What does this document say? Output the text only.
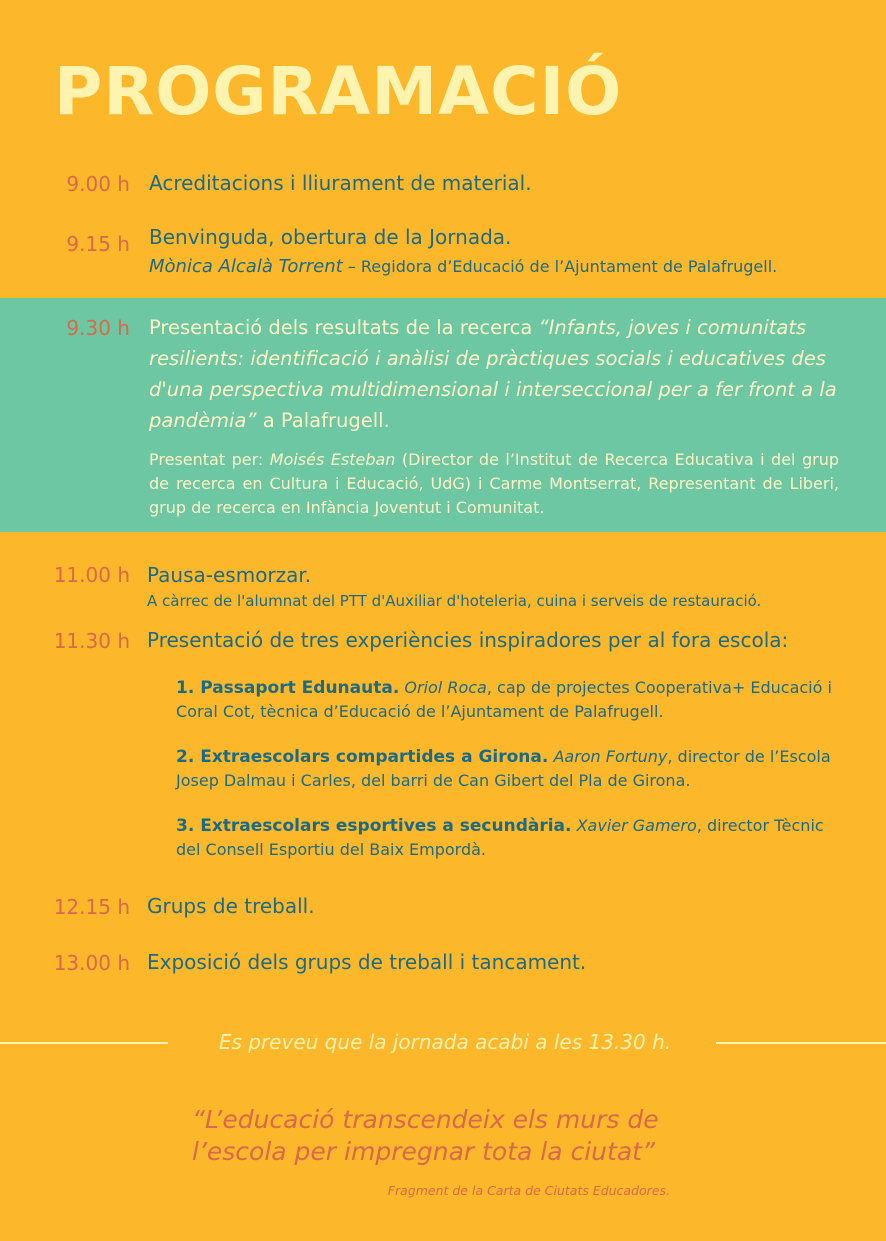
PROGRAMACIÓ
9.00 h Acreditacions i lliurament de material.
9.15 h Benvinguda, obertura de la Jornada.
Mònica Alcalà Torrent – Regidora d’Educació de l’Ajuntament de Palafrugell.
9.30 h Presentació dels resultats de la recerca “Infants, joves i comunitats resilients: identificació i anàlisi de pràctiques socials i educatives des d'una perspectiva multidimensional i interseccional per a fer front a la pandèmia” a Palafrugell.
Presentat per: Moisés Esteban (Director de l’Institut de Recerca Educativa i del grup de recerca en Cultura i Educació, UdG) i Carme Montserrat, Representant de Liberi, grup de recerca en Infància Joventut i Comunitat.
11.00 h Pausa-esmorzar.
A càrrec de l'alumnat del PTT d'Auxiliar d'hoteleria, cuina i serveis de restauració.
11.30 h Presentació de tres experiències inspiradores per al fora escola:
1. Passaport Edunauta. Oriol Roca, cap de projectes Cooperativa+ Educació i Coral Cot, tècnica d’Educació de l’Ajuntament de Palafrugell.
2. Extraescolars compartides a Girona. Aaron Fortuny, director de l’Escola Josep Dalmau i Carles, del barri de Can Gibert del Pla de Girona.
3. Extraescolars esportives a secundària. Xavier Gamero, director Tècnic del Consell Esportiu del Baix Empordà.
12.15 h Grups de treball.
13.00 h Exposició dels grups de treball i tancament.
Es preveu que la jornada acabi a les 13.30 h.
“L’educació transcendeix els murs de l’escola per impregnar tota la ciutat”
Fragment de la Carta de Ciutats Educadores.
